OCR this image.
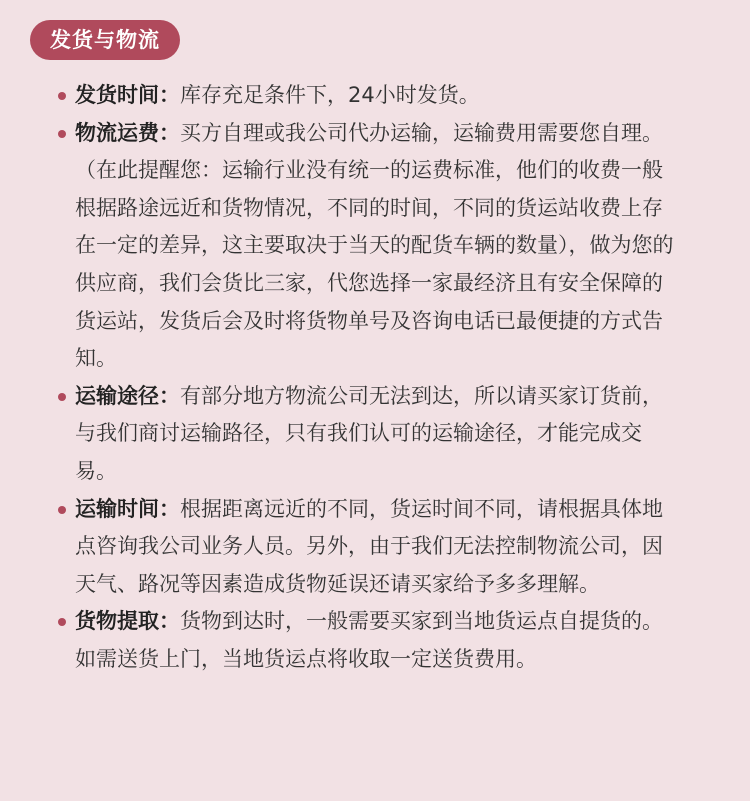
发货与物流
发货时间：库存充足条件下，24小时发货。
物流运费：买方自理或我公司代办运输，运输费用需要您自理。（在此提醒您：运输行业没有统一的运费标准，他们的收费一般根据路途远近和货物情况，不同的时间，不同的货运站收费上存在一定的差异，这主要取决于当天的配货车辆的数量），做为您的供应商，我们会货比三家，代您选择一家最经济且有安全保障的货运站，发货后会及时将货物单号及咨询电话已最便捷的方式告知。
运输途径：有部分地方物流公司无法到达，所以请买家订货前，与我们商讨运输路径，只有我们认可的运输途径，才能完成交易。
运输时间：根据距离远近的不同，货运时间不同，请根据具体地点咨询我公司业务人员。另外，由于我们无法控制物流公司，因天气、路况等因素造成货物延误还请买家给予多多理解。
货物提取：货物到达时，一般需要买家到当地货运点自提货的。如需送货上门，当地货运点将收取一定送货费用。
